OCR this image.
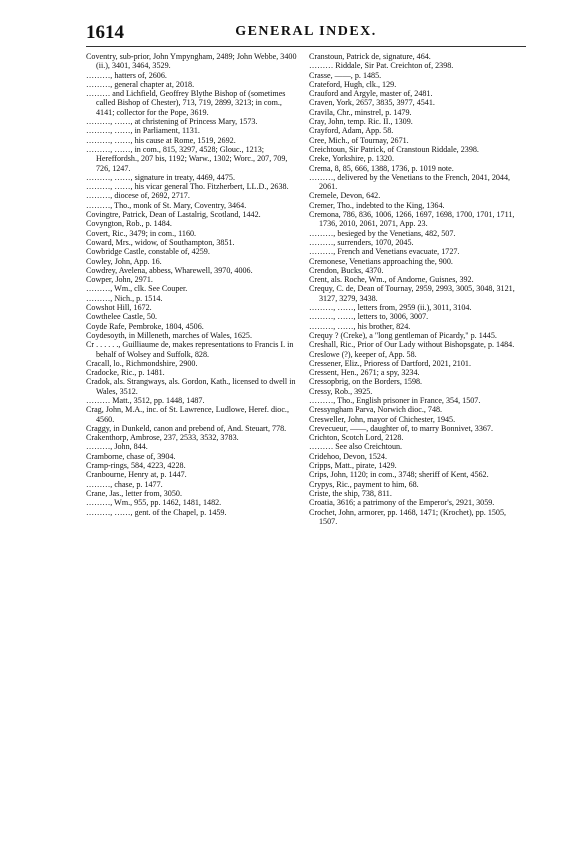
1614	GENERAL INDEX.

Coventry, sub-prior, John Ympyngham, 2489; John Webbe, 3400 (ii.), 3401, 3464, 3529.

………, hatters of, 2606.

………, general chapter at, 2018.

……… and Lichfield, Geoffrey Blythe Bishop of (sometimes called Bishop of Chester), 713, 719, 2899, 3213; in com., 4141; collector for the Pope, 3619.

………, ……, at christening of Princess Mary, 1573.

………, ……, in Parliament, 1131.

………, ……, his cause at Rome, 1519, 2692.

………, ……, in com., 815, 3297, 4528; Glouc., 1213; Hereffordsh., 207 bis, 1192; Warw., 1302; Worc., 207, 709, 726, 1247.

………, ……, signature in treaty, 4469, 4475.

………, ……, his vicar general Tho. Fitzherbert, LL.D., 2638.

………, diocese of, 2692, 2717.

………, Tho., monk of St. Mary, Coventry, 3464.

Covingtre, Patrick, Dean of Lastalrig, Scotland, 1442.

Covyngton, Rob., p. 1484.

Covert, Ric., 3479; in com., 1160.

Coward, Mrs., widow, of Southampton, 3851.

Cowbridge Castle, constable of, 4259.

Cowley, John, App. 16.

Cowdrey, Avelena, abbess, Wharewell, 3970, 4006.

Cowper, John, 2971.

………, Wm., clk. See Couper.

………, Nich., p. 1514.

Cowshot Hill, 1672.

Cowthelee Castle, 50.

Coyde Rafe, Pembroke, 1804, 4506.

Coydesoyth, in Milleneth, marches of Wales, 1625.

Cr . . . . . ., Guilliaume de, makes representations to Francis I. in behalf of Wolsey and Suffolk, 828.

Cracall, lo., Richmondshire, 2900.

Cradocke, Ric., p. 1481.

Cradok, als. Strangways, als. Gordon, Kath., licensed to dwell in Wales, 3512.

……… Matt., 3512, pp. 1448, 1487.

Crag, John, M.A., inc. of St. Lawrence, Ludlowe, Heref. dioc., 4560.

Craggy, in Dunkeld, canon and prebend of, And. Steuart, 778.

Crakenthorp, Ambrose, 237, 2533, 3532, 3783.

………, John, 844.

Cramborne, chase of, 3904.

Cramp-rings, 584, 4223, 4228.

Cranbourne, Henry at, p. 1447.

………, chase, p. 1477.

Crane, Jas., letter from, 3050.

………, Wm., 955, pp. 1462, 1481, 1482.

………, ……, gent. of the Chapel, p. 1459.

Cranstoun, Patrick de, signature, 464.

……… Riddale, Sir Pat. Creichton of, 2398.

Crasse, ——, p. 1485.

Crateford, Hugh, clk., 129.

Crauford and Argyle, master of, 2481.

Craven, York, 2657, 3835, 3977, 4541.

Cravila, Chr., minstrel, p. 1479.

Cray, John, temp. Ric. II., 1309.

Crayford, Adam, App. 58.

Cree, Mich., of Tournay, 2671.

Creichtoun, Sir Patrick, of Cranstoun Riddale, 2398.

Creke, Yorkshire, p. 1320.

Crema, 8, 85, 666, 1388, 1736, p. 1019 note.

………, delivered by the Venetians to the French, 2041, 2044, 2061.

Cremele, Devon, 642.

Cremer, Tho., indebted to the King, 1364.

Cremona, 786, 836, 1006, 1266, 1697, 1698, 1700, 1701, 1711, 1736, 2010, 2061, 2071, App. 23.

………, besieged by the Venetians, 482, 507.

………, surrenders, 1070, 2045.

………, French and Venetians evacuate, 1727.

Cremonese, Venetians approaching the, 900.

Crendon, Bucks, 4370.

Crent, als. Roche, Wm., of Andorne, Guisnes, 392.

Crequy, C. de, Dean of Tournay, 2959, 2993, 3005, 3048, 3121, 3127, 3279, 3438.

………, ……, letters from, 2959 (ii.), 3011, 3104.

………, ……, letters to, 3006, 3007.

………, ……, his brother, 824.

Crequy ? (Creke), a "long gentleman of Picardy," p. 1445.

Creshall, Ric., Prior of Our Lady without Bishopsgate, p. 1484.

Creslowe (?), keeper of, App. 58.

Cressener, Eliz., Prioress of Dartford, 2021, 2101.

Cressent, Hen., 2671; a spy, 3234.

Cressopbrig, on the Borders, 1598.

Cressy, Rob., 3925.

………, Tho., English prisoner in France, 354, 1507.

Cressyngham Parva, Norwich dioc., 748.

Cresweller, John, mayor of Chichester, 1945.

Crevecueur, ——, daughter of, to marry Bonnivet, 3367.

Crichton, Scotch Lord, 2128.

……… See also Creichtoun.

Cridehoo, Devon, 1524.

Cripps, Matt., pirate, 1429.

Crips, John, 1120; in com., 3748; sheriff of Kent, 4562.

Crypys, Ric., payment to him, 68.

Criste, the ship, 738, 811.

Croatia, 3616; a patrimony of the Emperor's, 2921, 3059.

Crochet, John, armorer, pp. 1468, 1471; (Krochet), pp. 1505, 1507.
